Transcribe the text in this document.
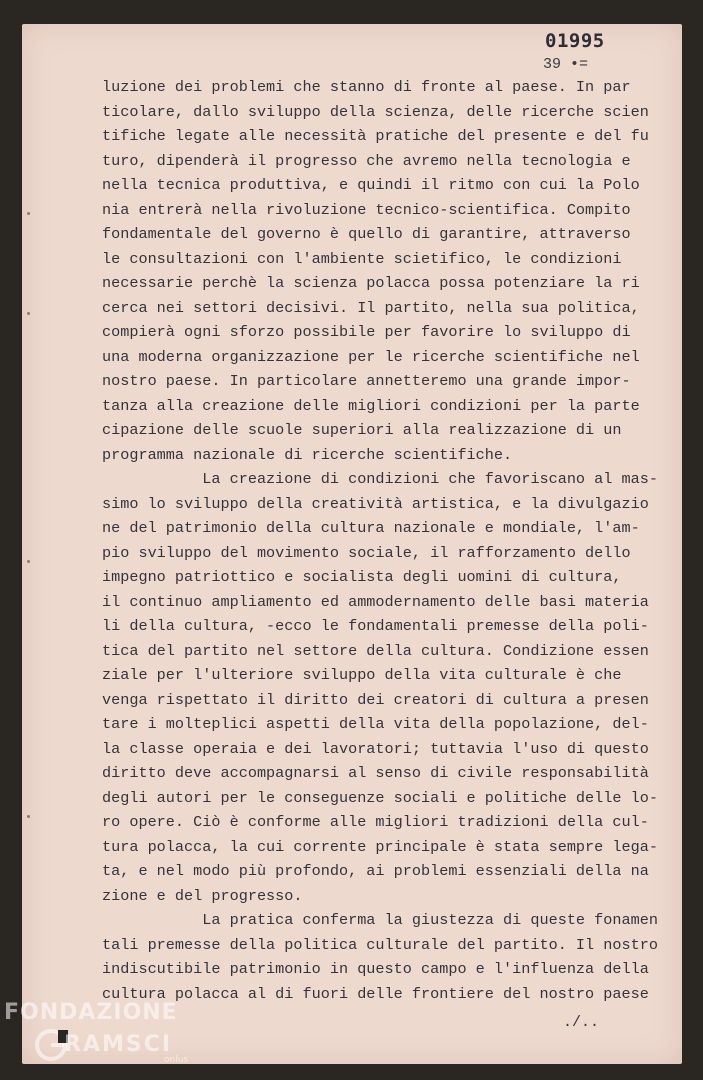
01995
39 •=
luzione dei problemi che stanno di fronte al paese. In par
ticolare, dallo sviluppo della scienza, delle ricerche scien
tifiche legate alle necessità pratiche del presente e del fu
turo, dipenderà il progresso che avremo nella tecnologia e
nella tecnica produttiva, e quindi il ritmo con cui la Polo
nia entrerà nella rivoluzione tecnico-scientifica. Compito
fondamentale del governo è quello di garantire, attraverso
le consultazioni con l'ambiente scietifico, le condizioni
necessarie perchè la scienza polacca possa potenziare la ri
cerca nei settori decisivi. Il partito, nella sua politica,
compierà ogni sforzo possibile per favorire lo sviluppo di
una moderna organizzazione per le ricerche scientifiche nel
nostro paese. In particolare annetteremo una grande impor-
tanza alla creazione delle migliori condizioni per la parte
cipazione delle scuole superiori alla realizzazione di un
programma nazionale di ricerche scientifiche.
La creazione di condizioni che favoriscano al mas-
simo lo sviluppo della creatività artistica, e la divulgazio
ne del patrimonio della cultura nazionale e mondiale, l'am-
pio sviluppo del movimento sociale, il rafforzamento dello
impegno patriottico e socialista degli uomini di cultura,
il continuo ampliamento ed ammodernamento delle basi materia
li della cultura, -ecco le fondamentali premesse della poli-
tica del partito nel settore della cultura. Condizione essen
ziale per l'ulteriore sviluppo della vita culturale è che
venga rispettato il diritto dei creatori di cultura a presen
tare i molteplici aspetti della vita della popolazione, del-
la classe operaia e dei lavoratori; tuttavia l'uso di questo
diritto deve accompagnarsi al senso di civile responsabilità
degli autori per le conseguenze sociali e politiche delle lo-
ro opere. Ciò è conforme alle migliori tradizioni della cul-
tura polacca, la cui corrente principale è stata sempre lega-
ta, e nel modo più profondo, ai problemi essenziali della na
zione e del progresso.
La pratica conferma la giustezza di queste fonamen
tali premesse della politica culturale del partito. Il nostro
indiscutibile patrimonio in questo campo e l'influenza della
cultura polacca al di fuori delle frontiere del nostro paese
./..
FONDAZIONE
RAMSCI
onlus
